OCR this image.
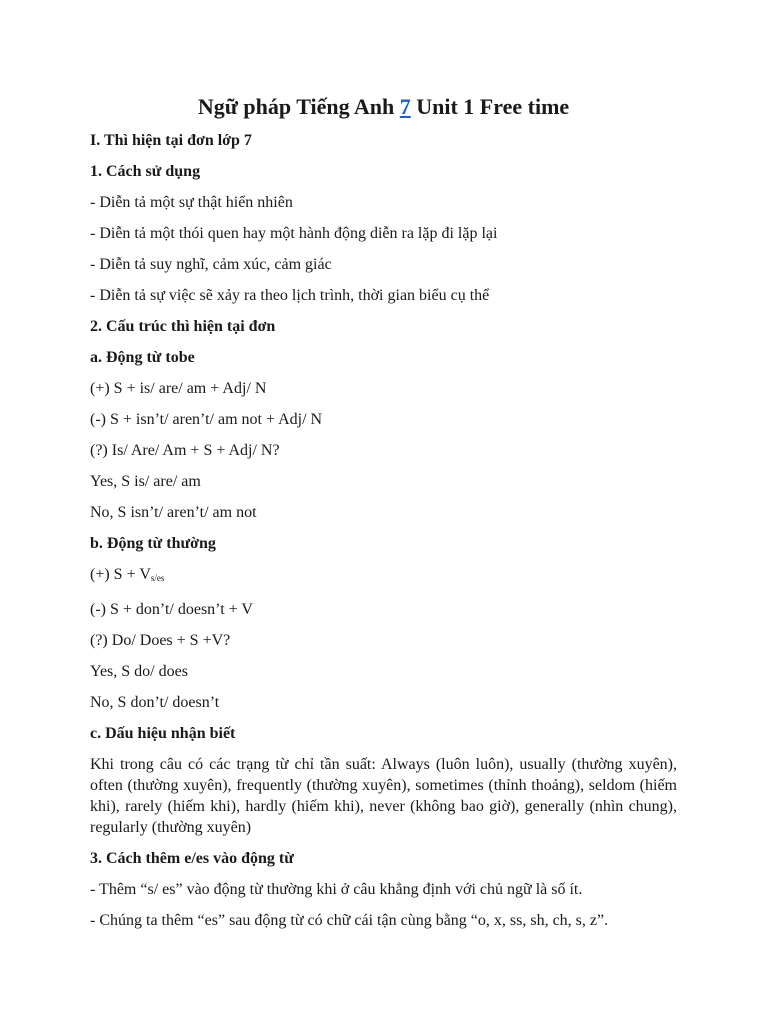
Ngữ pháp Tiếng Anh 7 Unit 1 Free time
I. Thì hiện tại đơn lớp 7
1. Cách sử dụng
- Diễn tả một sự thật hiển nhiên
- Diễn tả một thói quen hay một hành động diễn ra lặp đi lặp lại
- Diễn tả suy nghĩ, cảm xúc, cảm giác
- Diễn tả sự việc sẽ xảy ra theo lịch trình, thời gian biểu cụ thể
2. Cấu trúc thì hiện tại đơn
a. Động từ tobe
(+) S + is/ are/ am + Adj/ N
(-) S + isn’t/ aren’t/ am not + Adj/ N
(?) Is/ Are/ Am + S + Adj/ N?
Yes, S is/ are/ am
No, S isn’t/ aren’t/ am not
b. Động từ thường
(+) $S + V_{s/es}$
(-) S + don’t/ doesn’t + V
(?) Do/ Does + S +V?
Yes, S do/ does
No, S don’t/ doesn’t
c. Dấu hiệu nhận biết
Khi trong câu có các trạng từ chỉ tần suất: Always (luôn luôn), usually (thường xuyên), often (thường xuyên), frequently (thường xuyên), sometimes (thỉnh thoảng), seldom (hiếm khi), rarely (hiếm khi), hardly (hiếm khi), never (không bao giờ), generally (nhìn chung), regularly (thường xuyên)
3. Cách thêm e/es vào động từ
- Thêm “s/ es” vào động từ thường khi ở câu khẳng định với chủ ngữ là số ít.
- Chúng ta thêm “es” sau động từ có chữ cái tận cùng bằng “o, x, ss, sh, ch, s, z”.
